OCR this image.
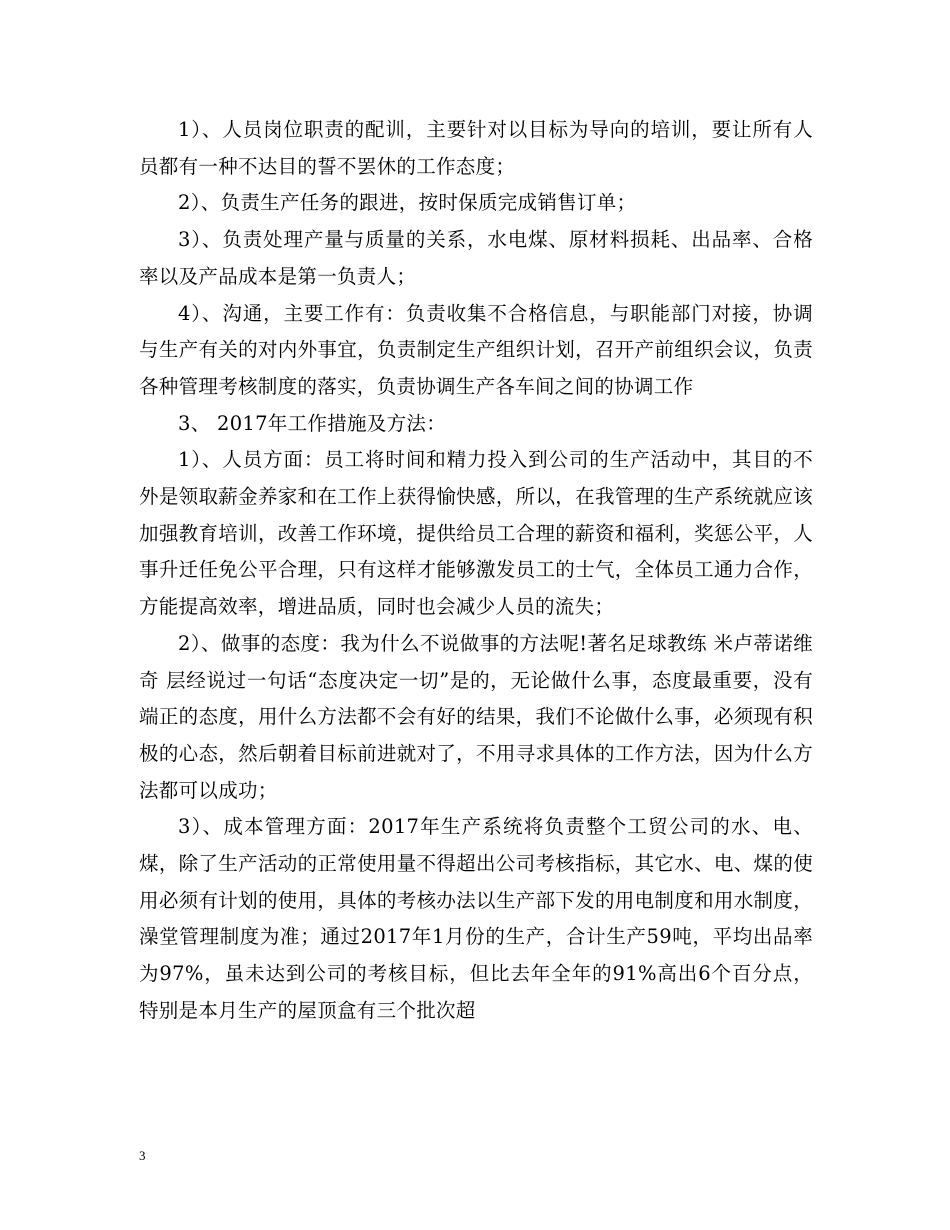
1）、人员岗位职责的配训，主要针对以目标为导向的培训，要让所有人员都有一种不达目的誓不罢休的工作态度；

2）、负责生产任务的跟进，按时保质完成销售订单；

3）、负责处理产量与质量的关系，水电煤、原材料损耗、出品率、合格率以及产品成本是第一负责人；

4）、沟通，主要工作有：负责收集不合格信息，与职能部门对接，协调与生产有关的对内外事宜，负责制定生产组织计划，召开产前组织会议，负责各种管理考核制度的落实，负责协调生产各车间之间的协调工作

3、 2017年工作措施及方法：

1）、人员方面：员工将时间和精力投入到公司的生产活动中，其目的不外是领取薪金养家和在工作上获得愉快感，所以，在我管理的生产系统就应该加强教育培训，改善工作环境，提供给员工合理的薪资和福利，奖惩公平，人事升迁任免公平合理，只有这样才能够激发员工的士气，全体员工通力合作，方能提高效率，增进品质，同时也会减少人员的流失；

2）、做事的态度：我为什么不说做事的方法呢!著名足球教练 米卢蒂诺维奇 层经说过一句话“态度决定一切”是的，无论做什么事，态度最重要，没有端正的态度，用什么方法都不会有好的结果，我们不论做什么事，必须现有积极的心态，然后朝着目标前进就对了，不用寻求具体的工作方法，因为什么方法都可以成功；

3）、成本管理方面：2017年生产系统将负责整个工贸公司的水、电、煤，除了生产活动的正常使用量不得超出公司考核指标，其它水、电、煤的使用必须有计划的使用，具体的考核办法以生产部下发的用电制度和用水制度，澡堂管理制度为准；通过2017年1月份的生产，合计生产59吨，平均出品率为97%，虽未达到公司的考核目标，但比去年全年的91%高出6个百分点，特别是本月生产的屋顶盒有三个批次超

3
